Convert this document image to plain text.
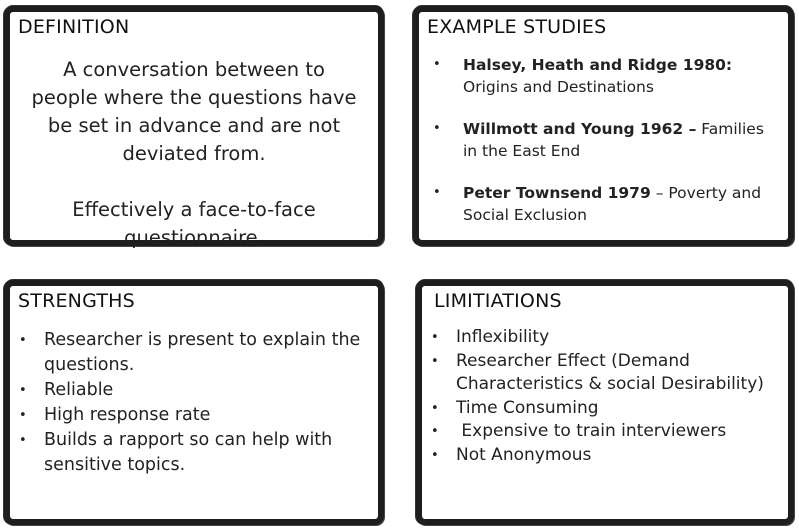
DEFINITION

A conversation between to people where the questions have be set in advance and are not deviated from.

Effectively a face-to-face questionnaire.

EXAMPLE STUDIES
• Halsey, Heath and Ridge 1980:
Origins and Destinations
• Willmott and Young 1962 – Families in the East End
• Peter Townsend 1979 – Poverty and Social Exclusion
STRENGTHS
• Researcher is present to explain the questions.
• Reliable
• High response rate
• Builds a rapport so can help with sensitive topics.
LIMITIATIONS
• Inflexibility
• Researcher Effect (Demand Characteristics & social Desirability)
• Time Consuming
•  Expensive to train interviewers
• Not Anonymous
